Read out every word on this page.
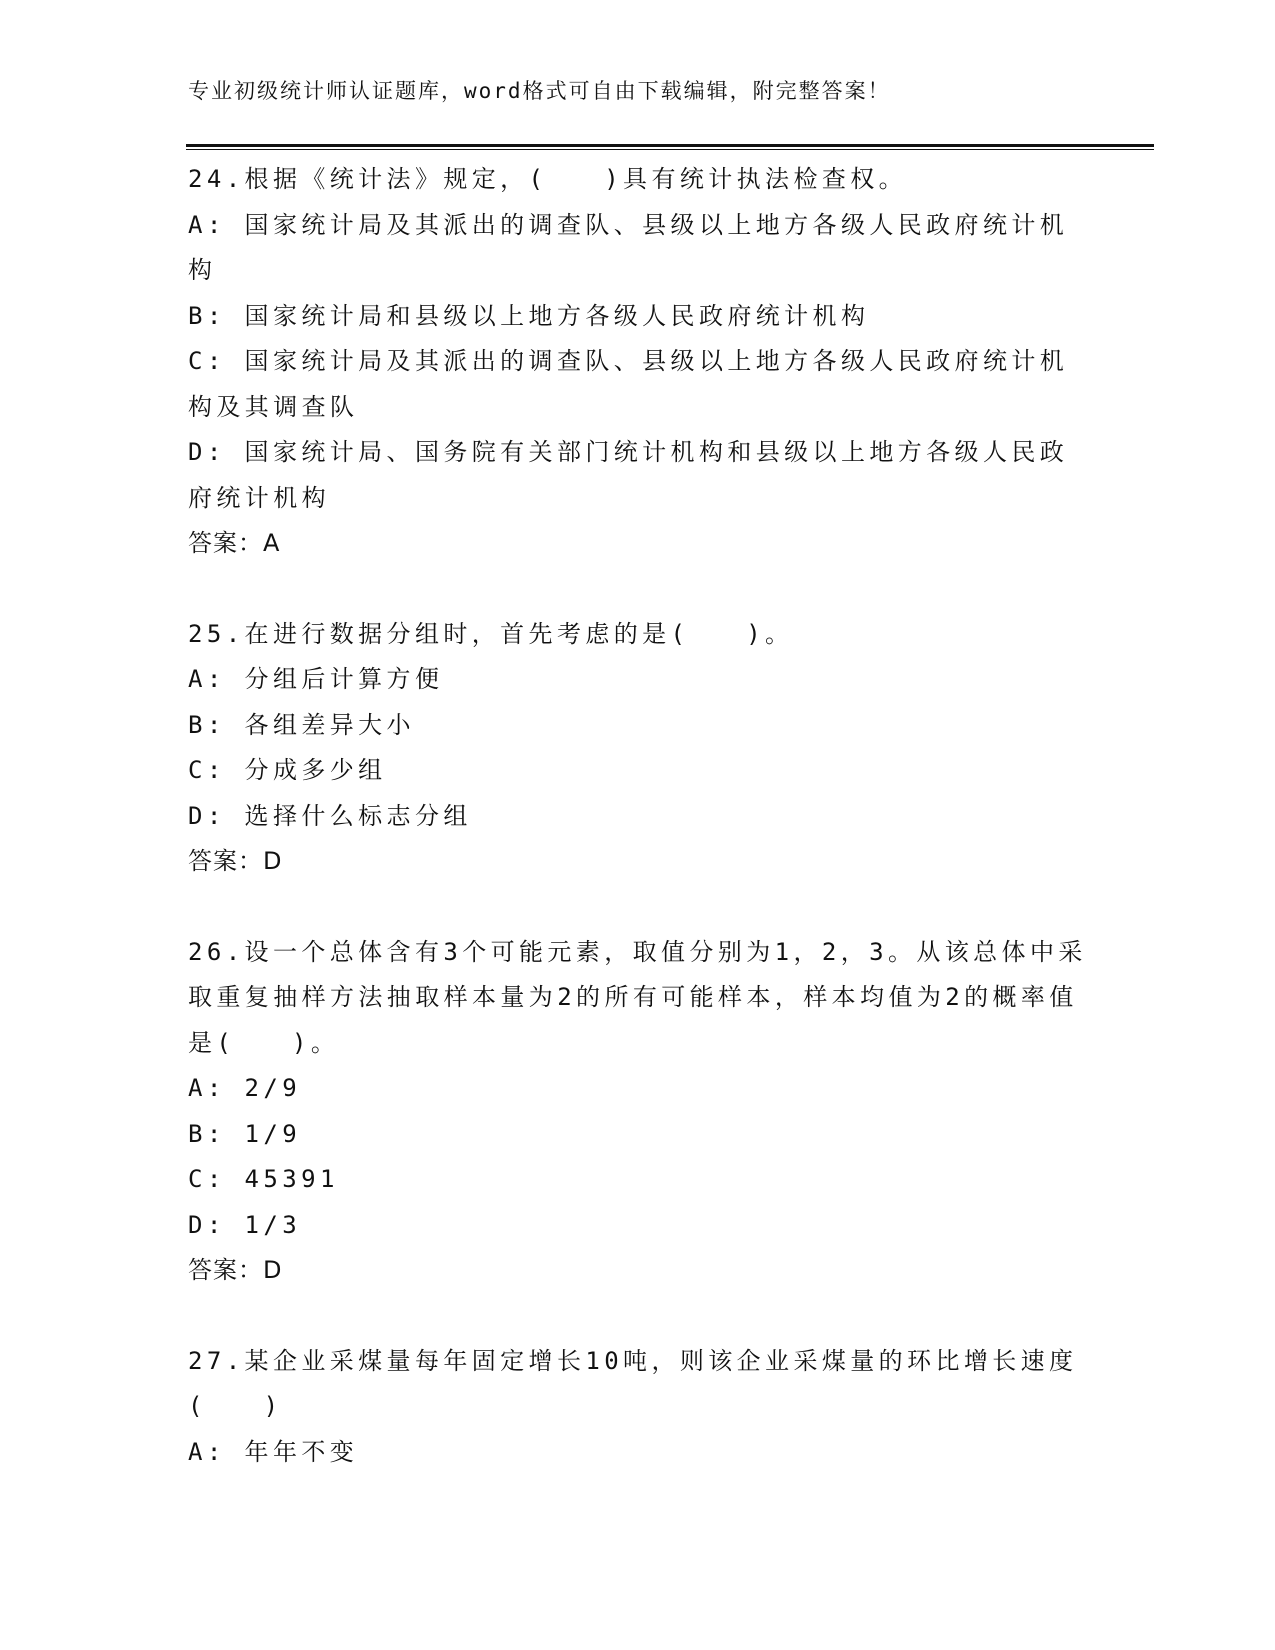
专业初级统计师认证题库，word格式可自由下载编辑，附完整答案！
24.根据《统计法》规定，(　　)具有统计执法检查权。
A: 国家统计局及其派出的调查队、县级以上地方各级人民政府统计机构
B: 国家统计局和县级以上地方各级人民政府统计机构
C: 国家统计局及其派出的调查队、县级以上地方各级人民政府统计机构及其调查队
D: 国家统计局、国务院有关部门统计机构和县级以上地方各级人民政府统计机构
答案：A
25.在进行数据分组时，首先考虑的是(　　)。
A: 分组后计算方便
B: 各组差异大小
C: 分成多少组
D: 选择什么标志分组
答案：D
26.设一个总体含有3个可能元素，取值分别为1，2，3。从该总体中采取重复抽样方法抽取样本量为2的所有可能样本，样本均值为2的概率值是(　　)。
A: 2/9
B: 1/9
C: 45391
D: 1/3
答案：D
27.某企业采煤量每年固定增长10吨，则该企业采煤量的环比增长速度(　　)
A: 年年不变
